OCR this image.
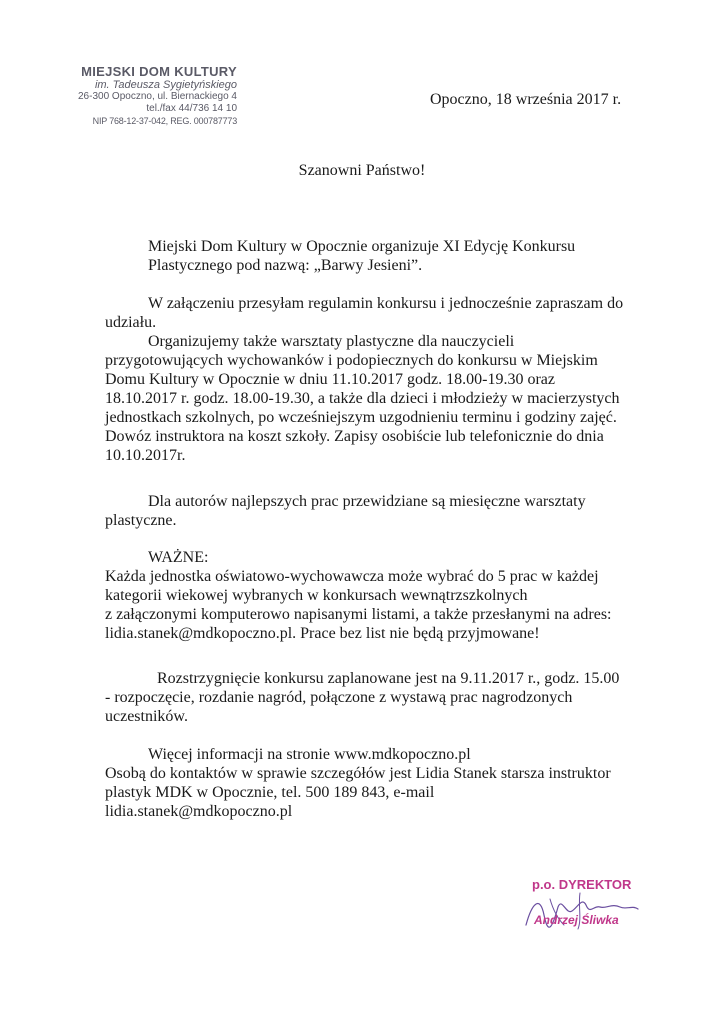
MIEJSKI DOM KULTURY
im. Tadeusza Sygietyńskiego
26-300 Opoczno, ul. Biernackiego 4
tel./fax 44/736 14 10
NIP 768-12-37-042, REG. 000787773
Opoczno, 18 września 2017 r.
Szanowni Państwo!
Miejski Dom Kultury w Opocznie organizuje XI Edycję Konkursu
Plastycznego pod nazwą: „Barwy Jesieni”.
W załączeniu przesyłam regulamin konkursu i jednocześnie zapraszam do
udziału.
Organizujemy także warsztaty plastyczne dla nauczycieli
przygotowujących wychowanków i podopiecznych do konkursu w Miejskim
Domu Kultury w Opocznie w dniu 11.10.2017 godz. 18.00-19.30 oraz
18.10.2017 r. godz. 18.00-19.30, a także dla dzieci i młodzieży w macierzystych
jednostkach szkolnych, po wcześniejszym uzgodnieniu terminu i godziny zajęć.
Dowóz instruktora na koszt szkoły. Zapisy osobiście lub telefonicznie do dnia
10.10.2017r.
Dla autorów najlepszych prac przewidziane są miesięczne warsztaty
plastyczne.
WAŻNE:
Każda jednostka oświatowo-wychowawcza może wybrać do 5 prac w każdej
kategorii wiekowej wybranych w konkursach wewnątrzszkolnych
z załączonymi komputerowo napisanymi listami, a także przesłanymi na adres:
lidia.stanek@mdkopoczno.pl. Prace bez list nie będą przyjmowane!
Rozstrzygnięcie konkursu zaplanowane jest na 9.11.2017 r., godz. 15.00
- rozpoczęcie, rozdanie nagród, połączone z wystawą prac nagrodzonych
uczestników.
Więcej informacji na stronie www.mdkopoczno.pl
Osobą do kontaktów w sprawie szczegółów jest Lidia Stanek starsza instruktor
plastyk MDK w Opocznie, tel. 500 189 843, e-mail
lidia.stanek@mdkopoczno.pl
p.o. DYREKTOR
Andrzej Śliwka
